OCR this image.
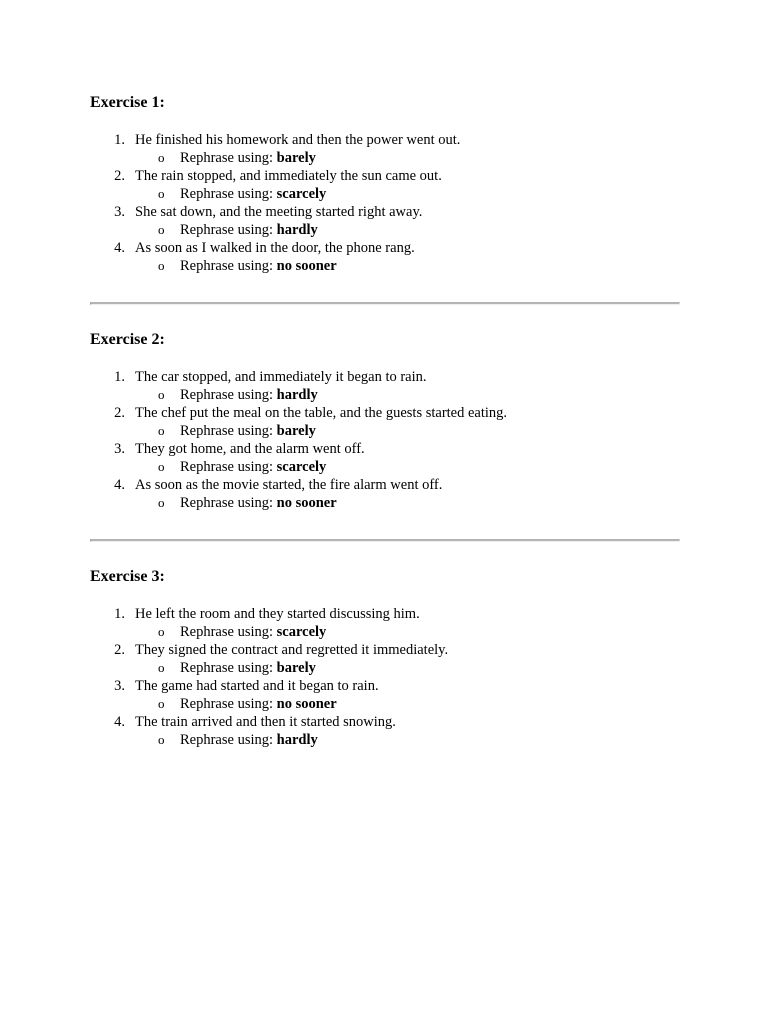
Exercise 1:
1. He finished his homework and then the power went out.
o Rephrase using: barely
2. The rain stopped, and immediately the sun came out.
o Rephrase using: scarcely
3. She sat down, and the meeting started right away.
o Rephrase using: hardly
4. As soon as I walked in the door, the phone rang.
o Rephrase using: no sooner
Exercise 2:
1. The car stopped, and immediately it began to rain.
o Rephrase using: hardly
2. The chef put the meal on the table, and the guests started eating.
o Rephrase using: barely
3. They got home, and the alarm went off.
o Rephrase using: scarcely
4. As soon as the movie started, the fire alarm went off.
o Rephrase using: no sooner
Exercise 3:
1. He left the room and they started discussing him.
o Rephrase using: scarcely
2. They signed the contract and regretted it immediately.
o Rephrase using: barely
3. The game had started and it began to rain.
o Rephrase using: no sooner
4. The train arrived and then it started snowing.
o Rephrase using: hardly
